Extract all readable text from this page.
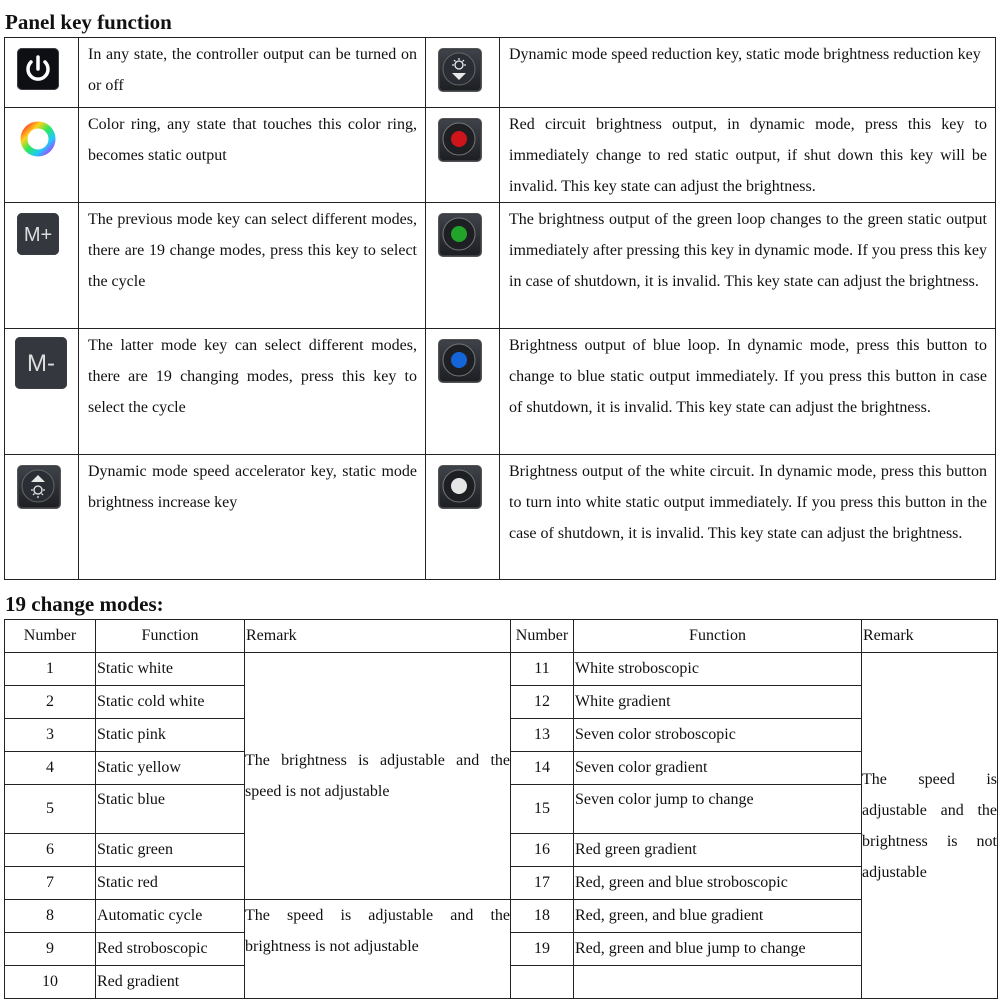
Panel key function
	In any state, the controller output can be turned on or off		Dynamic mode speed reduction key, static mode brightness reduction key

	Color ring, any state that touches this color ring, becomes static output		Red circuit brightness output, in dynamic mode, press this key to immediately change to red static output, if shut down this key will be invalid. This key state can adjust the brightness.

M+	The previous mode key can select different modes, there are 19 change modes, press this key to select the cycle		The brightness output of the green loop changes to the green static output immediately after pressing this key in dynamic mode. If you press this key in case of shutdown, it is invalid. This key state can adjust the brightness.

M-	The latter mode key can select different modes, there are 19 changing modes, press this key to select the cycle		Brightness output of blue loop. In dynamic mode, press this button to change to blue static output immediately. If you press this button in case of shutdown, it is invalid. This key state can adjust the brightness.

	Dynamic mode speed accelerator key, static mode brightness increase key		Brightness output of the white circuit. In dynamic mode, press this button to turn into white static output immediately. If you press this button in the case of shutdown, it is invalid. This key state can adjust the brightness.
19 change modes:
Number	Function	Remark	Number	Function	Remark
1	Static white	The brightness is adjustable and the speed is not adjustable	11	White stroboscopic	The speed is adjustable and the brightness is not adjustable
2	Static cold white		12	White gradient	
3	Static pink		13	Seven color stroboscopic	
4	Static yellow		14	Seven color gradient	
5	Static blue		15	Seven color jump to change	
6	Static green		16	Red green gradient	
7	Static red		17	Red, green and blue stroboscopic	
8	Automatic cycle	The speed is adjustable and the brightness is not adjustable	18	Red, green, and blue gradient	
9	Red stroboscopic		19	Red, green and blue jump to change	
10	Red gradient				
